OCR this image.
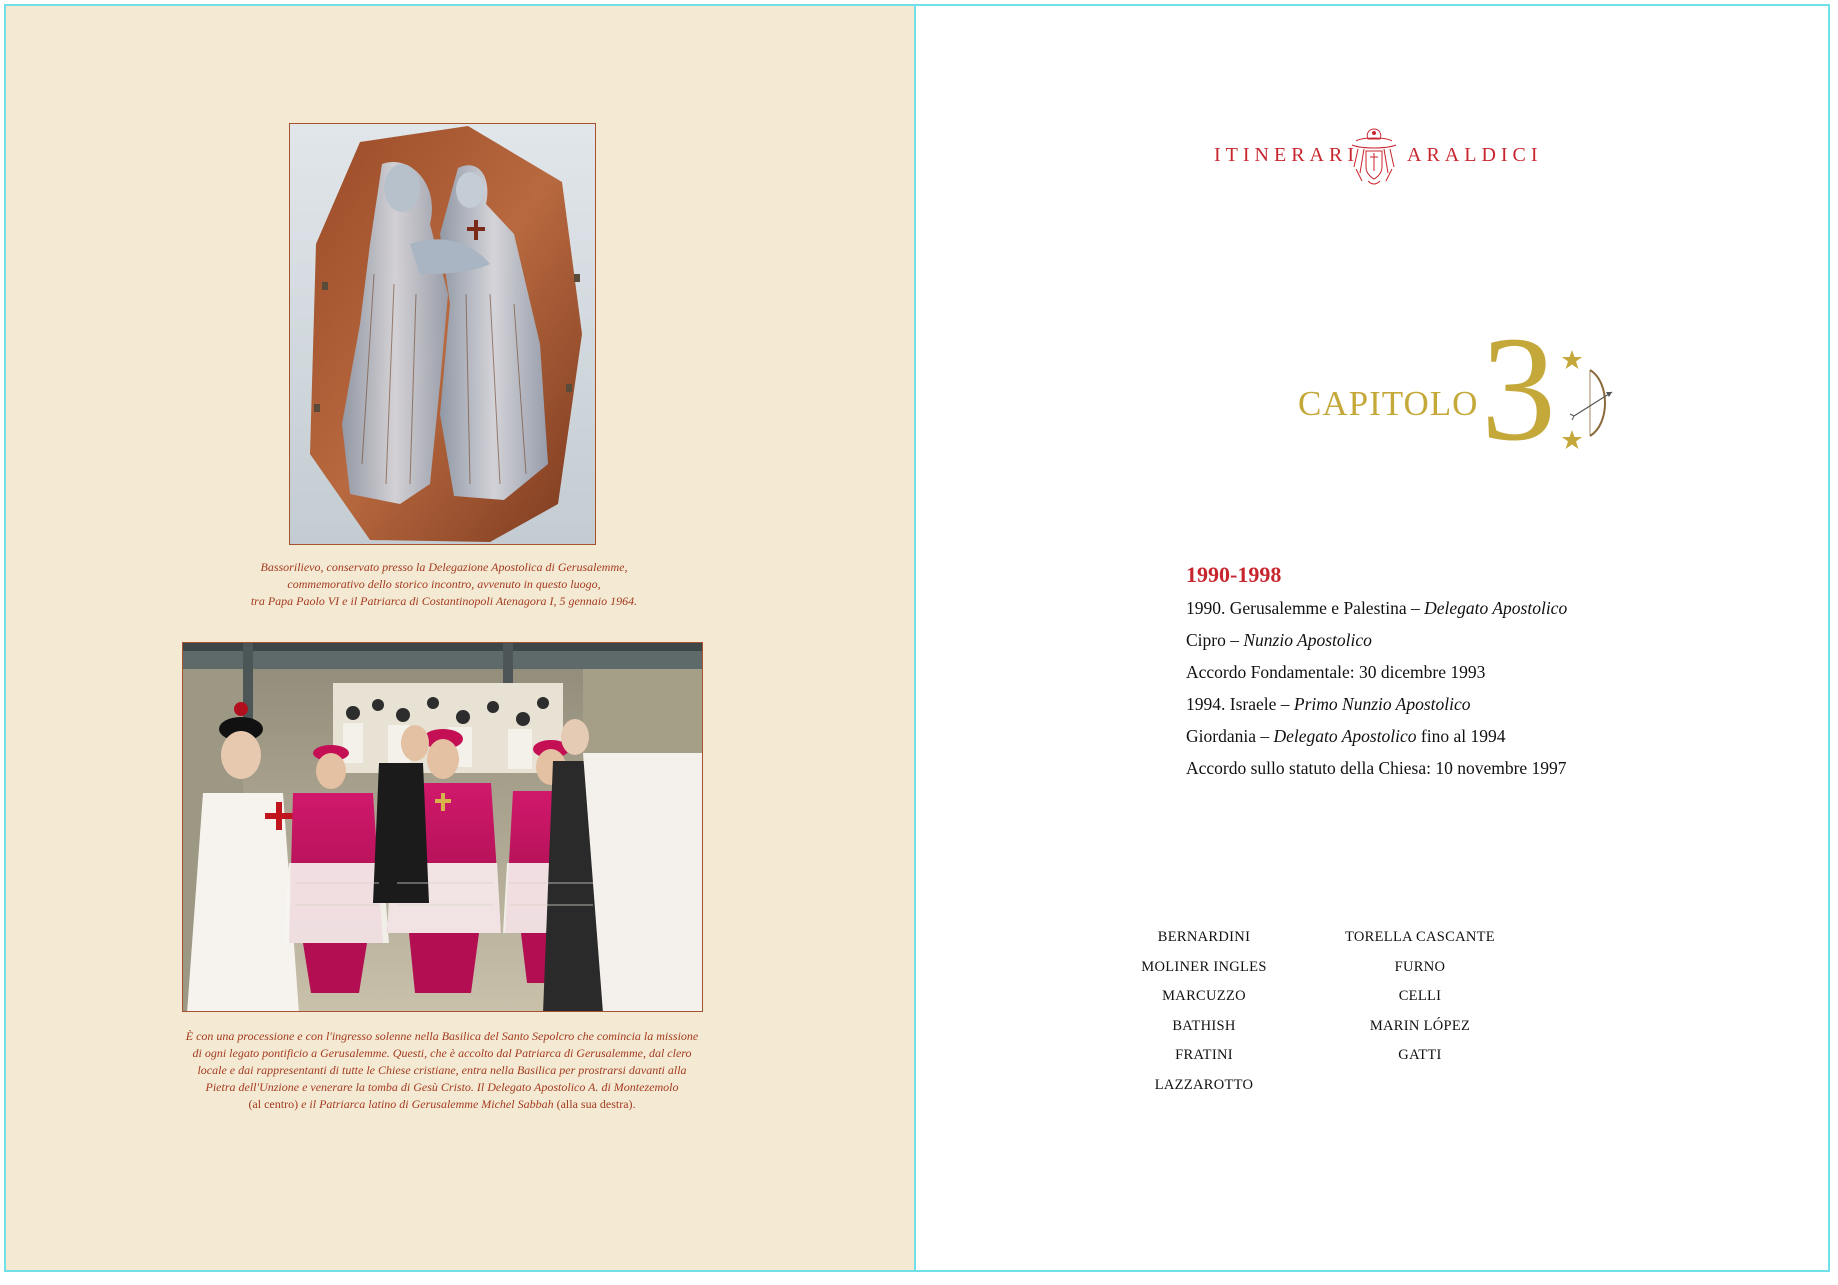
Bassorilievo, conservato presso la Delegazione Apostolica di Gerusalemme,
commemorativo dello storico incontro, avvenuto in questo luogo,
tra Papa Paolo VI e il Patriarca di Costantinopoli Atenagora I, 5 gennaio 1964.
È con una processione e con l'ingresso solenne nella Basilica del Santo Sepolcro che comincia la missione
di ogni legato pontificio a Gerusalemme. Questi, che è accolto dal Patriarca di Gerusalemme, dal clero
locale e dai rappresentanti di tutte le Chiese cristiane, entra nella Basilica per prostrarsi davanti alla
Pietra dell'Unzione e venerare la tomba di Gesù Cristo. Il Delegato Apostolico A. di Montezemolo
(al centro) e il Patriarca latino di Gerusalemme Michel Sabbah (alla sua destra).
ITINERARI ARALDICI
CAPITOLO 3
1990-1998
1990. Gerusalemme e Palestina – Delegato Apostolico
Cipro – Nunzio Apostolico
Accordo Fondamentale: 30 dicembre 1993
1994. Israele – Primo Nunzio Apostolico
Giordania – Delegato Apostolico fino al 1994
Accordo sullo statuto della Chiesa: 10 novembre 1997
BERNARDINI
MOLINER INGLES
MARCUZZO
BATHISH
FRATINI
LAZZAROTTO
TORELLA CASCANTE
FURNO
CELLI
MARIN LÓPEZ
GATTI
